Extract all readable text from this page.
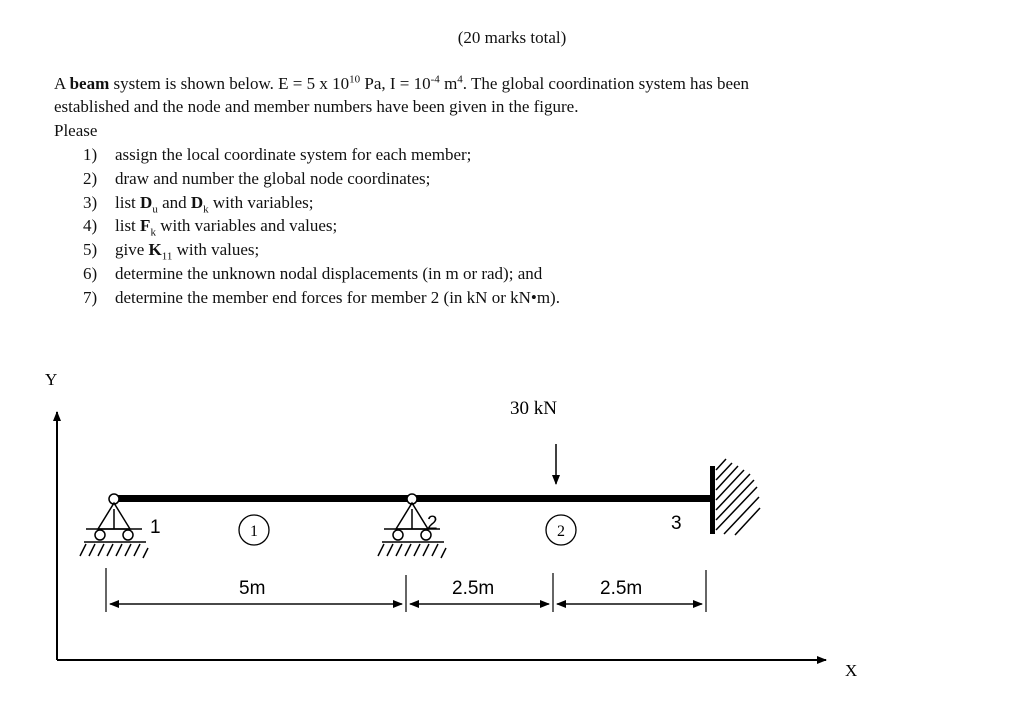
(20 marks total)
A beam system is shown below. E = 5 x $10^{10}$ Pa, $I = 10^{-4}$ $m^4$. The global coordination system has been
established and the node and member numbers have been given in the figure.
Please
1) assign the local coordinate system for each member;
2) draw and number the global node coordinates;
3) list $D_u$ and $D_k$ with variables;
4) list $F_k$ with variables and values;
5) give $K_{11}$ with values;
6) determine the unknown nodal displacements (in m or rad); and
7) determine the member end forces for member 2 (in kN or kN•m).
Y
X
30 kN
1	2	3
1	2
5m	2.5m	2.5m
